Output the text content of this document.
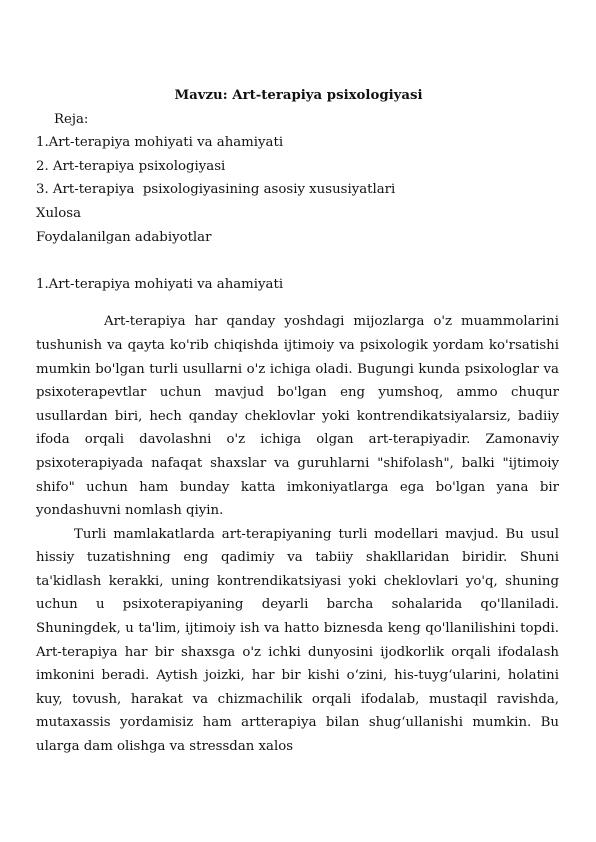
Mavzu: Art-terapiya psixologiyasi

Reja:

1.Art-terapiya mohiyati va ahamiyati

2. Art-terapiya psixologiyasi

3. Art-terapiya  psixologiyasining asosiy xususiyatlari

Xulosa

Foydalanilgan adabiyotlar

1.Art-terapiya mohiyati va ahamiyati

Art-terapiya har qanday yoshdagi mijozlarga o'z muammolarini tushunish va qayta ko'rib chiqishda ijtimoiy va psixologik yordam ko'rsatishi mumkin bo'lgan turli usullarni o'z ichiga oladi. Bugungi kunda psixologlar va psixoterapevtlar uchun mavjud bo'lgan eng yumshoq, ammo chuqur usullardan biri, hech qanday cheklovlar yoki kontrendikatsiyalarsiz, badiiy ifoda orqali davolashni o'z ichiga olgan art-terapiyadir. Zamonaviy psixoterapiyada nafaqat shaxslar va guruhlarni "shifolash", balki "ijtimoiy shifo" uchun ham bunday katta imkoniyatlarga ega bo'lgan yana bir yondashuvni nomlash qiyin.

Turli mamlakatlarda art-terapiyaning turli modellari mavjud. Bu usul hissiy tuzatishning eng qadimiy va tabiiy shakllaridan biridir. Shuni ta'kidlash kerakki, uning kontrendikatsiyasi yoki cheklovlari yo'q, shuning uchun u psixoterapiyaning deyarli barcha sohalarida qo'llaniladi. Shuningdek, u ta'lim, ijtimoiy ish va hatto biznesda keng qo'llanilishini topdi. Art-terapiya har bir shaxsga o'z ichki dunyosini ijodkorlik orqali ifodalash imkonini beradi. Aytish joizki, har bir kishi o‘zini, his-tuyg‘ularini, holatini kuy, tovush, harakat va chizmachilik orqali ifodalab, mustaqil ravishda, mutaxassis yordamisiz ham artterapiya bilan shug‘ullanishi mumkin. Bu ularga dam olishga va stressdan xalos
